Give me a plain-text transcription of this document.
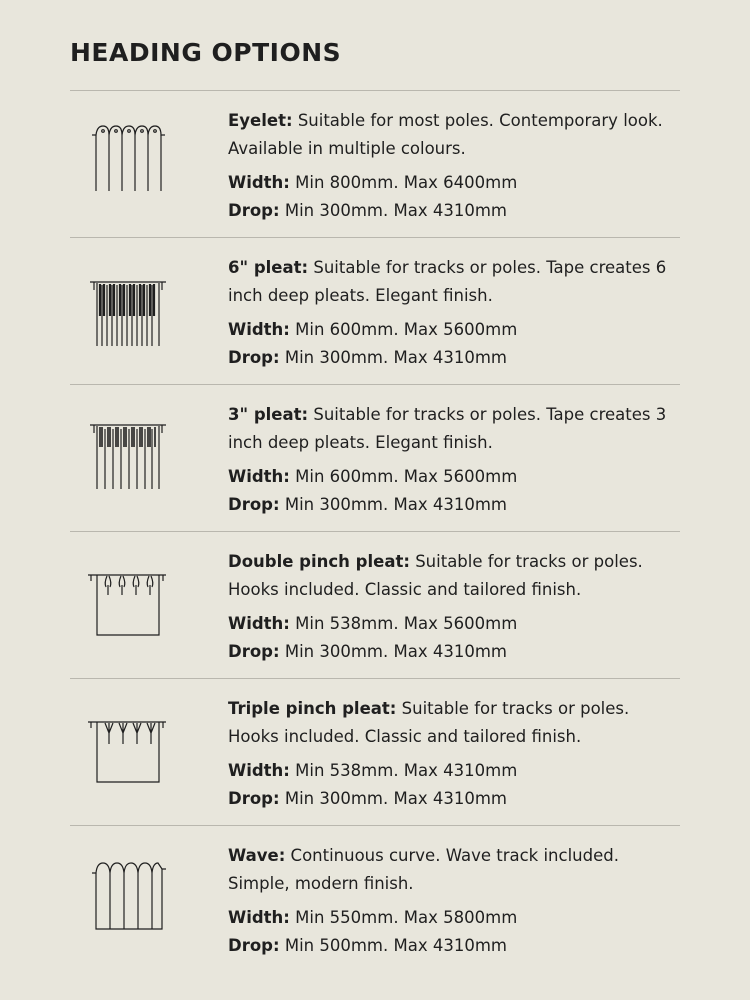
HEADING OPTIONS

Eyelet: Suitable for most poles. Contemporary look. Available in multiple colours.

Width: Min 800mm. Max 6400mm

Drop: Min 300mm. Max 4310mm

6" pleat: Suitable for tracks or poles. Tape creates 6 inch deep pleats. Elegant finish.

Width: Min 600mm. Max 5600mm

Drop: Min 300mm. Max 4310mm

3" pleat: Suitable for tracks or poles. Tape creates 3 inch deep pleats. Elegant finish.

Width: Min 600mm. Max 5600mm

Drop: Min 300mm. Max 4310mm

Double pinch pleat: Suitable for tracks or poles. Hooks included. Classic and tailored finish.

Width: Min 538mm. Max 5600mm

Drop: Min 300mm. Max 4310mm

Triple pinch pleat: Suitable for tracks or poles. Hooks included. Classic and tailored finish.

Width: Min 538mm. Max 4310mm

Drop: Min 300mm. Max 4310mm

Wave: Continuous curve. Wave track included. Simple, modern finish.

Width: Min 550mm. Max 5800mm

Drop: Min 500mm. Max 4310mm
